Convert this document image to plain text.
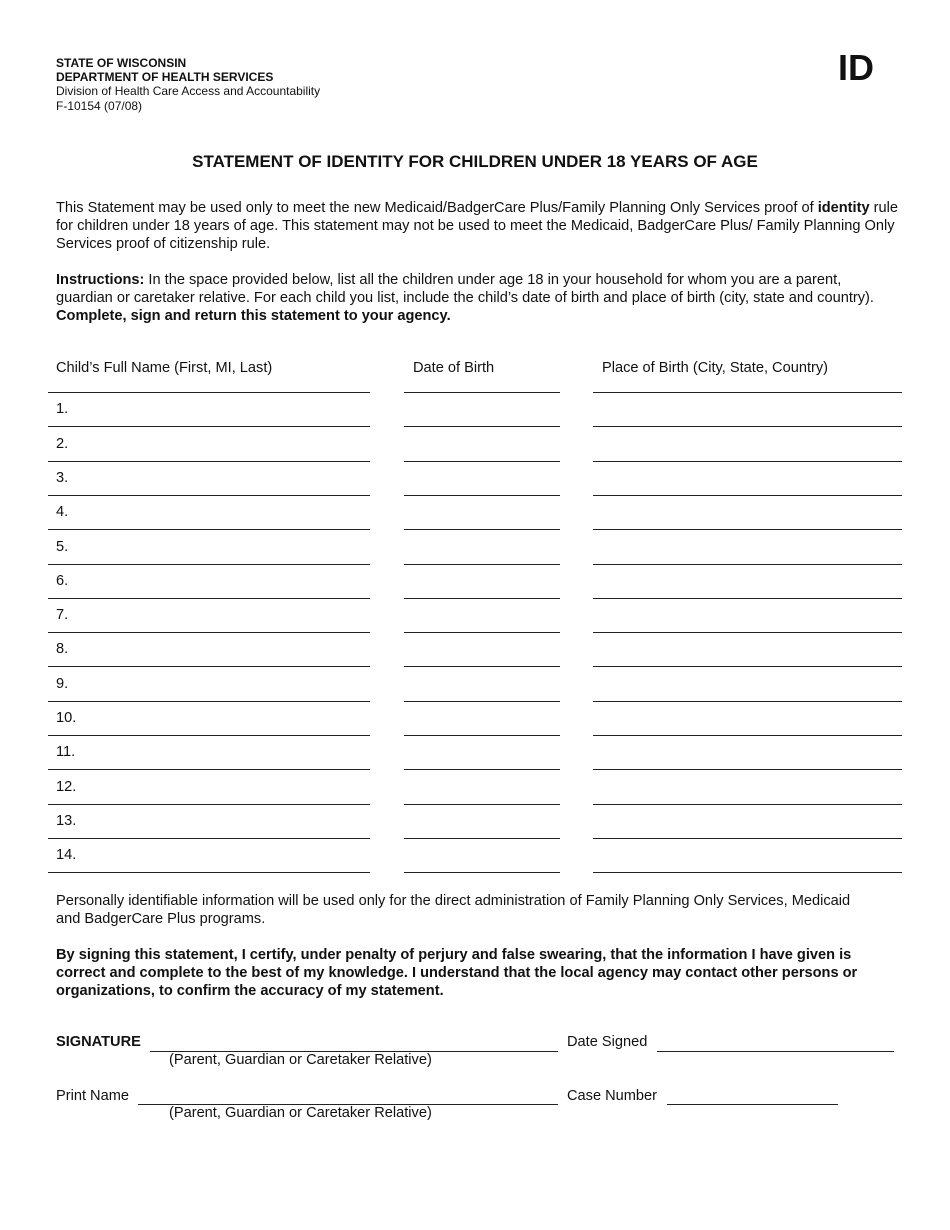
STATE OF WISCONSIN
DEPARTMENT OF HEALTH SERVICES
Division of Health Care Access and Accountability
F-10154 (07/08)
ID
STATEMENT OF IDENTITY FOR CHILDREN UNDER 18 YEARS OF AGE
This Statement may be used only to meet the new Medicaid/BadgerCare Plus/Family Planning Only Services proof of identity rule for children under 18 years of age. This statement may not be used to meet the Medicaid, BadgerCare Plus/ Family Planning Only Services proof of citizenship rule.
Instructions: In the space provided below, list all the children under age 18 in your household for whom you are a parent, guardian or caretaker relative. For each child you list, include the child’s date of birth and place of birth (city, state and country). Complete, sign and return this statement to your agency.
Child’s Full Name (First, MI, Last)	Date of Birth	Place of Birth (City, State, Country)
1.
2.
3.
4.
5.
6.
7.
8.
9.
10.
11.
12.
13.
14.
Personally identifiable information will be used only for the direct administration of Family Planning Only Services, Medicaid and BadgerCare Plus programs.
By signing this statement, I certify, under penalty of perjury and false swearing, that the information I have given is correct and complete to the best of my knowledge. I understand that the local agency may contact other persons or organizations, to confirm the accuracy of my statement.
SIGNATURE
(Parent, Guardian or Caretaker Relative)
Date Signed
Print Name
(Parent, Guardian or Caretaker Relative)
Case Number
